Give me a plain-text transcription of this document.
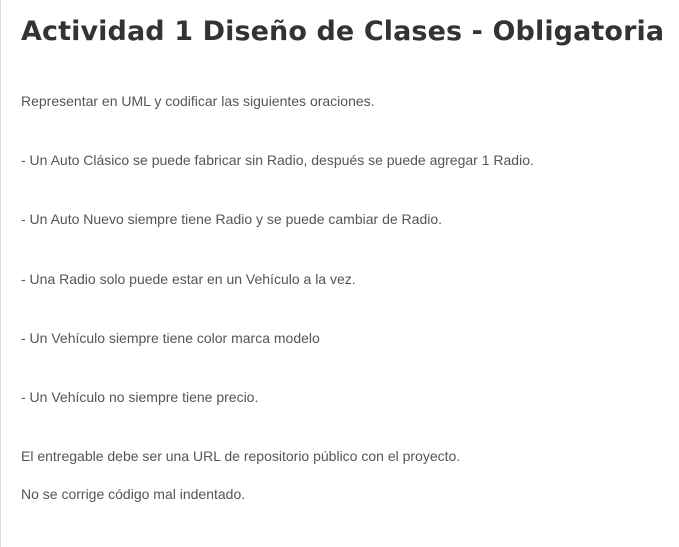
Actividad 1 Diseño de Clases - Obligatoria

Representar en UML y codificar las siguientes oraciones.

- Un Auto Clásico se puede fabricar sin Radio, después se puede agregar 1 Radio.

- Un Auto Nuevo siempre tiene Radio y se puede cambiar de Radio.

- Una Radio solo puede estar en un Vehículo a la vez.

- Un Vehículo siempre tiene color marca modelo

- Un Vehículo no siempre tiene precio.

El entregable debe ser una URL de repositorio público con el proyecto.

No se corrige código mal indentado.
